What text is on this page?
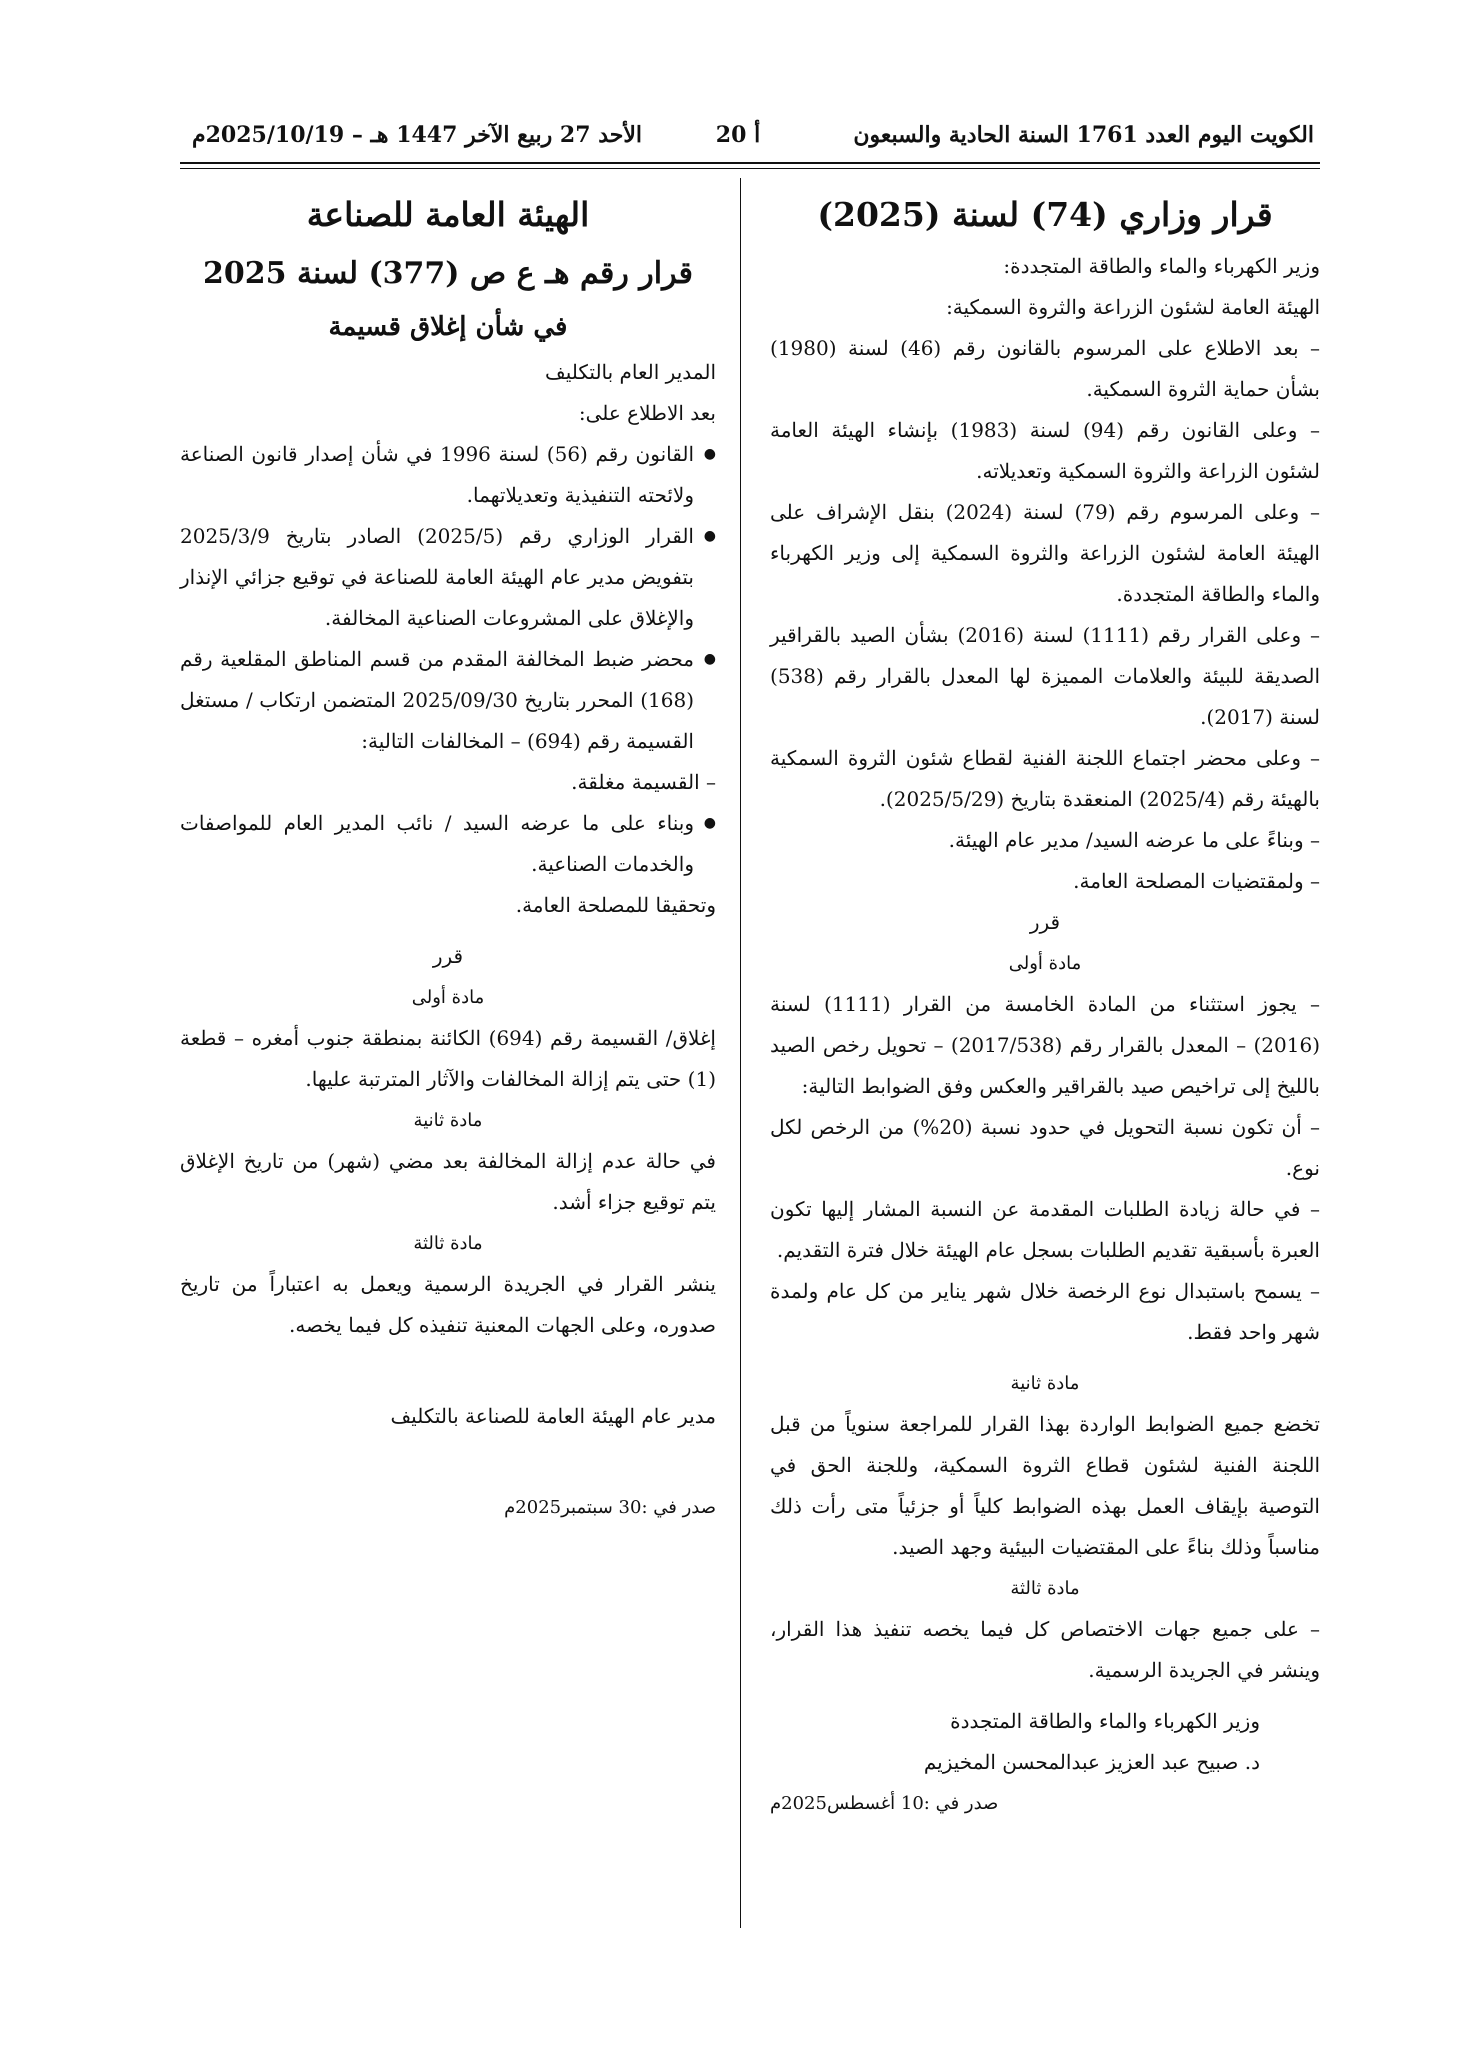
الكويت اليوم العدد 1761 السنة الحادية والسبعون
أ 20
الأحد 27 ربيع الآخر 1447 هـ – 2025/10/19م

قرار وزاري (74) لسنة (2025)

وزير الكهرباء والماء والطاقة المتجددة:

الهيئة العامة لشئون الزراعة والثروة السمكية:

– بعد الاطلاع على المرسوم بالقانون رقم (46) لسنة (1980) بشأن حماية الثروة السمكية.

– وعلى القانون رقم (94) لسنة (1983) بإنشاء الهيئة العامة لشئون الزراعة والثروة السمكية وتعديلاته.

– وعلى المرسوم رقم (79) لسنة (2024) بنقل الإشراف على الهيئة العامة لشئون الزراعة والثروة السمكية إلى وزير الكهرباء والماء والطاقة المتجددة.

– وعلى القرار رقم (1111) لسنة (2016) بشأن الصيد بالقراقير الصديقة للبيئة والعلامات المميزة لها المعدل بالقرار رقم (538) لسنة (2017).

– وعلى محضر اجتماع اللجنة الفنية لقطاع شئون الثروة السمكية بالهيئة رقم (2025/4) المنعقدة بتاريخ (2025/5/29).

– وبناءً على ما عرضه السيد/ مدير عام الهيئة.

– ولمقتضيات المصلحة العامة.

قرر

مادة أولى

– يجوز استثناء من المادة الخامسة من القرار (1111) لسنة (2016) – المعدل بالقرار رقم (2017/538) – تحويل رخص الصيد بالليخ إلى تراخيص صيد بالقراقير والعكس وفق الضوابط التالية:

– أن تكون نسبة التحويل في حدود نسبة (20%) من الرخص لكل نوع.

– في حالة زيادة الطلبات المقدمة عن النسبة المشار إليها تكون العبرة بأسبقية تقديم الطلبات بسجل عام الهيئة خلال فترة التقديم.

– يسمح باستبدال نوع الرخصة خلال شهر يناير من كل عام ولمدة شهر واحد فقط.

مادة ثانية

تخضع جميع الضوابط الواردة بهذا القرار للمراجعة سنوياً من قبل اللجنة الفنية لشئون قطاع الثروة السمكية، وللجنة الحق في التوصية بإيقاف العمل بهذه الضوابط كلياً أو جزئياً متى رأت ذلك مناسباً وذلك بناءً على المقتضيات البيئية وجهد الصيد.

مادة ثالثة

– على جميع جهات الاختصاص كل فيما يخصه تنفيذ هذا القرار، وينشر في الجريدة الرسمية.

وزير الكهرباء والماء والطاقة المتجددة

د. صبيح عبد العزيز عبدالمحسن المخيزيم

صدر في :10 أغسطس2025م

الهيئة العامة للصناعة

قرار رقم هـ ع ص (377) لسنة 2025

في شأن إغلاق قسيمة

المدير العام بالتكليف

بعد الاطلاع على:

● القانون رقم (56) لسنة 1996 في شأن إصدار قانون الصناعة ولائحته التنفيذية وتعديلاتهما.

● القرار الوزاري رقم (2025/5) الصادر بتاريخ 2025/3/9 بتفويض مدير عام الهيئة العامة للصناعة في توقيع جزائي الإنذار والإغلاق على المشروعات الصناعية المخالفة.

● محضر ضبط المخالفة المقدم من قسم المناطق المقلعية رقم (168) المحرر بتاريخ 2025/09/30 المتضمن ارتكاب / مستغل القسيمة رقم (694) – المخالفات التالية:

– القسيمة مغلقة.

● وبناء على ما عرضه السيد / نائب المدير العام للمواصفات والخدمات الصناعية.

وتحقيقا للمصلحة العامة.

قرر

مادة أولى

إغلاق/ القسيمة رقم (694) الكائنة بمنطقة جنوب أمغره – قطعة (1) حتى يتم إزالة المخالفات والآثار المترتبة عليها.

مادة ثانية

في حالة عدم إزالة المخالفة بعد مضي (شهر) من تاريخ الإغلاق يتم توقيع جزاء أشد.

مادة ثالثة

ينشر القرار في الجريدة الرسمية ويعمل به اعتباراً من تاريخ صدوره، وعلى الجهات المعنية تنفيذه كل فيما يخصه.

مدير عام الهيئة العامة للصناعة بالتكليف

صدر في :30 سبتمبر2025م
